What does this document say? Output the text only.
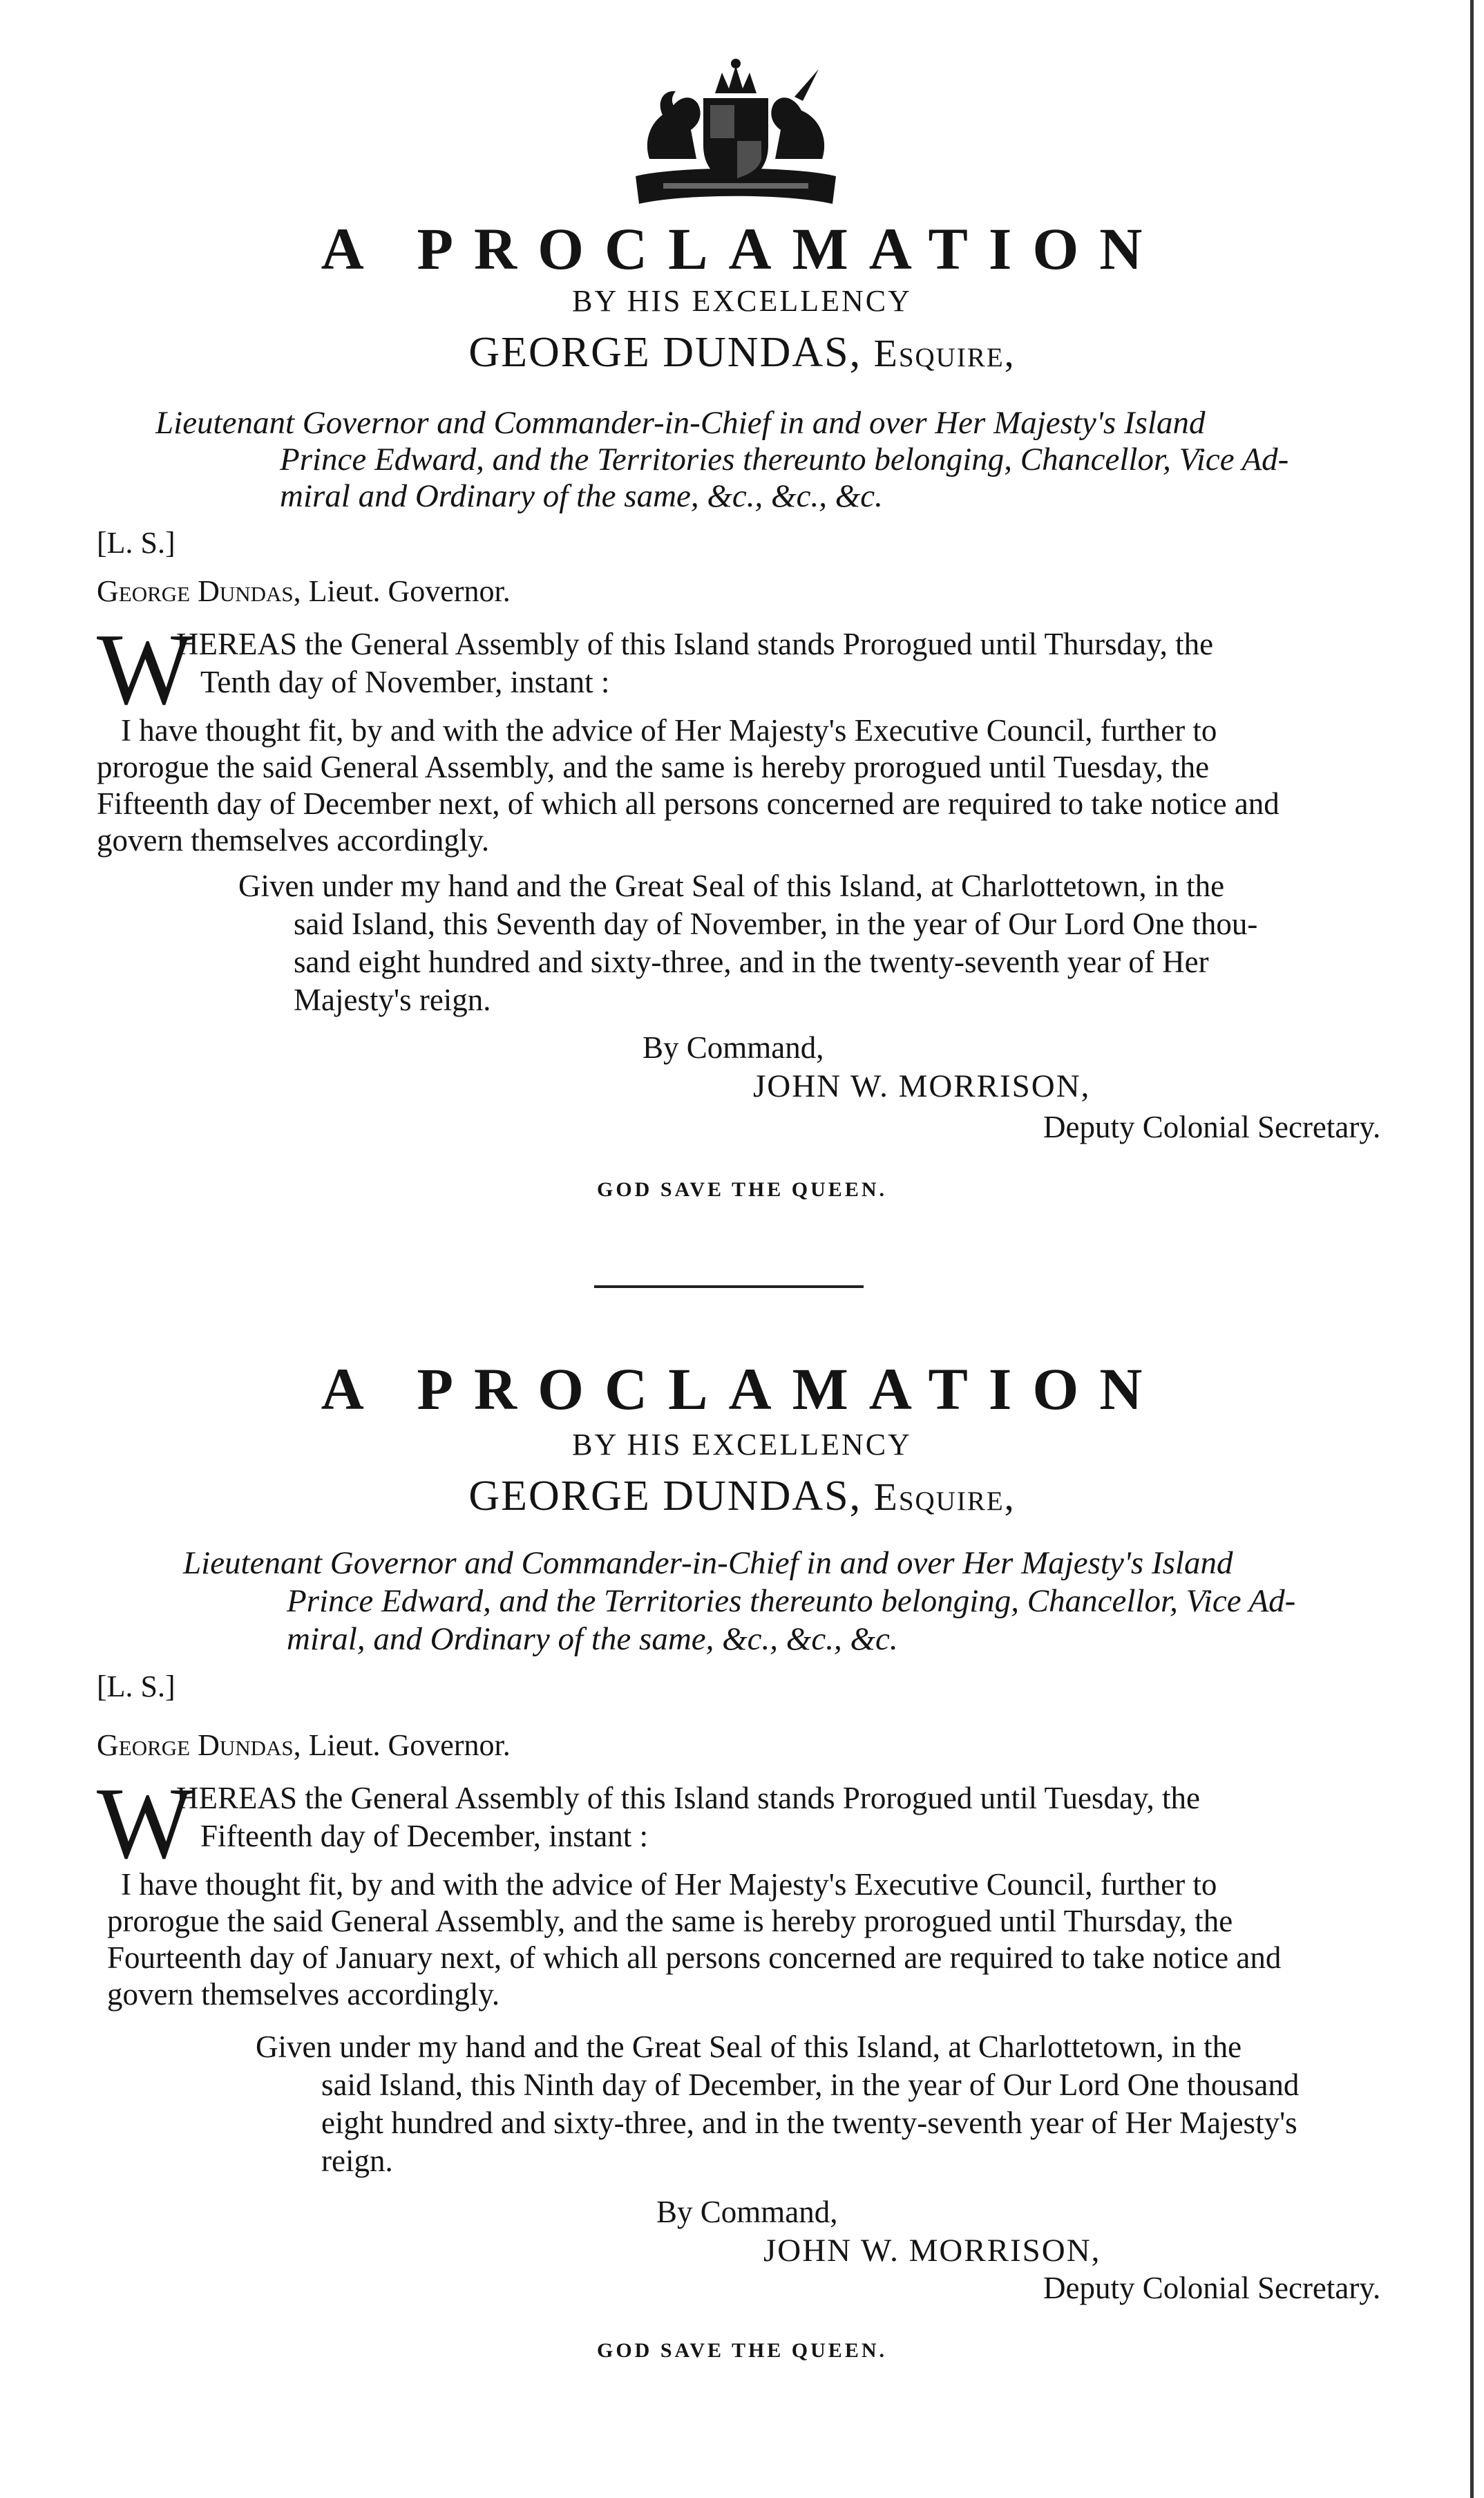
A PROCLAMATION
BY HIS EXCELLENCY
GEORGE DUNDAS, Esquire,
Lieutenant Governor and Commander-in-Chief in and over Her Majesty's Island
Prince Edward, and the Territories thereunto belonging, Chancellor, Vice Ad-
miral and Ordinary of the same, &c., &c., &c.
[L. S.]
George Dundas, Lieut. Governor.
W
HEREAS the General Assembly of this Island stands Prorogued until Thursday, the
Tenth day of November, instant :
I have thought fit, by and with the advice of Her Majesty's Executive Council, further to
prorogue the said General Assembly, and the same is hereby prorogued until Tuesday, the
Fifteenth day of December next, of which all persons concerned are required to take notice and
govern themselves accordingly.
Given under my hand and the Great Seal of this Island, at Charlottetown, in the
said Island, this Seventh day of November, in the year of Our Lord One thou-
sand eight hundred and sixty-three, and in the twenty-seventh year of Her
Majesty's reign.
By Command,
JOHN W. MORRISON,
Deputy Colonial Secretary.
GOD SAVE THE QUEEN.
A PROCLAMATION
BY HIS EXCELLENCY
GEORGE DUNDAS, Esquire,
Lieutenant Governor and Commander-in-Chief in and over Her Majesty's Island
Prince Edward, and the Territories thereunto belonging, Chancellor, Vice Ad-
miral, and Ordinary of the same, &c., &c., &c.
[L. S.]
George Dundas, Lieut. Governor.
W
HEREAS the General Assembly of this Island stands Prorogued until Tuesday, the
Fifteenth day of December, instant :
I have thought fit, by and with the advice of Her Majesty's Executive Council, further to
prorogue the said General Assembly, and the same is hereby prorogued until Thursday, the
Fourteenth day of January next, of which all persons concerned are required to take notice and
govern themselves accordingly.
Given under my hand and the Great Seal of this Island, at Charlottetown, in the
said Island, this Ninth day of December, in the year of Our Lord One thousand
eight hundred and sixty-three, and in the twenty-seventh year of Her Majesty's
reign.
By Command,
JOHN W. MORRISON,
Deputy Colonial Secretary.
GOD SAVE THE QUEEN.
